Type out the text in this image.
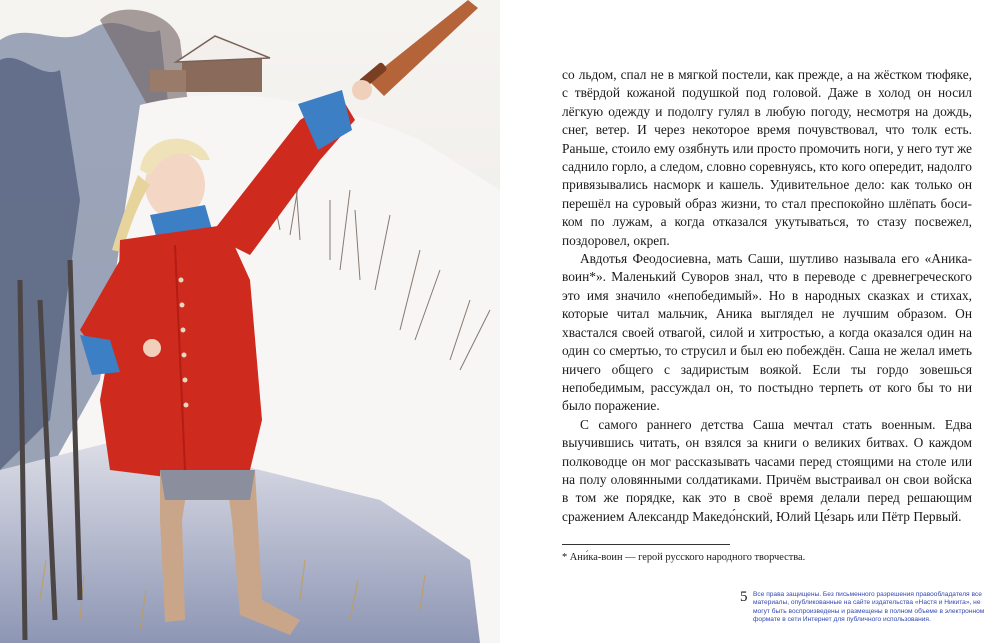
со льдом, спал не в мягкой постели, как прежде, а на жёстком тюфяке, с твёрдой кожаной подушкой под головой. Даже в холод он носил лёгкую одежду и подолгу гулял в любую погоду, несмотря на дождь, снег, ветер. И через некоторое время почувствовал, что толк есть. Раньше, стоило ему озябнуть или просто промочить ноги, у него тут же саднило горло, а следом, словно соревнуясь, кто кого опередит, надолго привязывались насморк и кашель. Удивительное дело: как только он перешёл на суровый образ жизни, то стал преспокойно шлёпать босиком по лужам, а когда отказался укутываться, то стазу посвежел, поздоровел, окреп.

Авдотья Феодосиевна, мать Саши, шутливо называла его «Аника-воин*». Маленький Суворов знал, что в переводе с древнегреческого это имя значило «непобедимый». Но в народных сказках и стихах, которые читал мальчик, Аника выглядел не лучшим образом. Он хвастался своей отвагой, силой и хитростью, а когда оказался один на один со смертью, то струсил и был ею побеждён. Саша не желал иметь ничего общего с задиристым воякой. Если ты гордо зовешься непобедимым, рассуждал он, то постыдно терпеть от кого бы то ни было поражение.

С самого раннего детства Саша мечтал стать военным. Едва выучившись читать, он взялся за книги о великих битвах. О каждом полководце он мог рассказывать часами перед стоящими на столе или на полу оловянными солдатиками. Причём выстраивал он свои войска в том же порядке, как это в своё время делали перед решающим сражением Александр Македо́нский, Юлий Це́зарь или Пётр Первый.

* Ани́ка-воин — герой русского народного творчества.
5 Все права защищены. Без письменного разрешения правообладателя все материалы, опубликованные на сайте издательства «Настя и Никита», не могут быть воспроизведены и размещены в полном объеме в электронном формате в сети Интернет для публичного использования.
